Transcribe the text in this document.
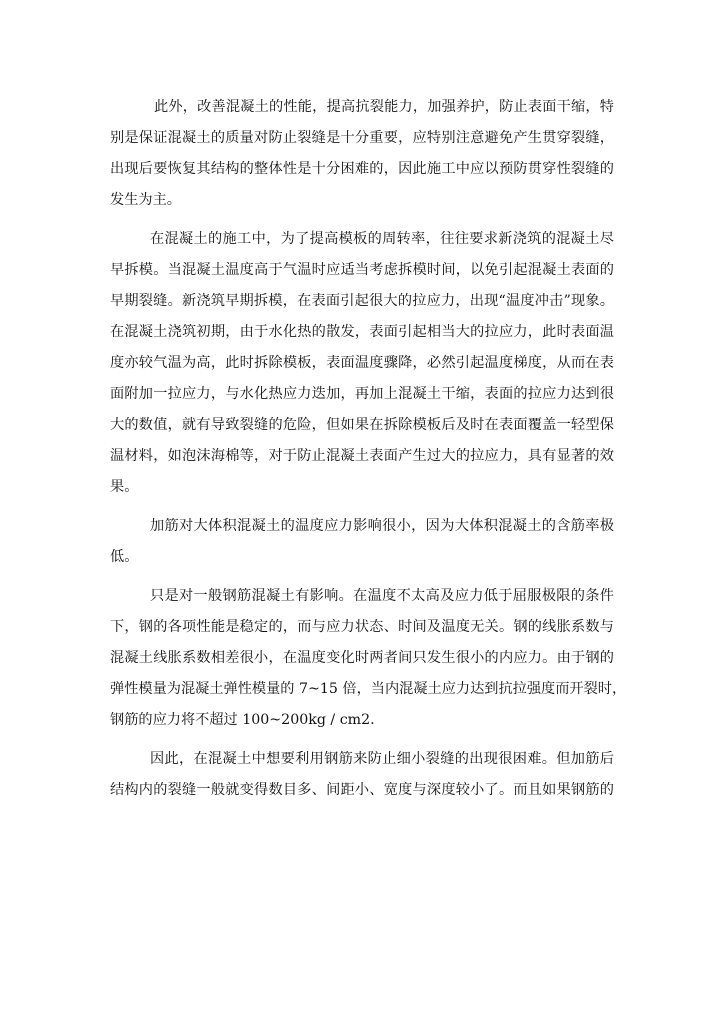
此外，改善混凝土的性能，提高抗裂能力，加强养护，防止表面干缩，特
别是保证混凝土的质量对防止裂缝是十分重要，应特别注意避免产生贯穿裂缝，
出现后要恢复其结构的整体性是十分困难的，因此施工中应以预防贯穿性裂缝的
发生为主。
在混凝土的施工中，为了提高模板的周转率，往往要求新浇筑的混凝土尽
早拆模。当混凝土温度高于气温时应适当考虑拆模时间，以免引起混凝土表面的
早期裂缝。新浇筑早期拆模，在表面引起很大的拉应力，出现“温度冲击”现象。
在混凝土浇筑初期，由于水化热的散发，表面引起相当大的拉应力，此时表面温
度亦较气温为高，此时拆除模板，表面温度骤降，必然引起温度梯度，从而在表
面附加一拉应力，与水化热应力迭加，再加上混凝土干缩，表面的拉应力达到很
大的数值，就有导致裂缝的危险，但如果在拆除模板后及时在表面覆盖一轻型保
温材料，如泡沫海棉等，对于防止混凝土表面产生过大的拉应力，具有显著的效
果。
加筋对大体积混凝土的温度应力影响很小，因为大体积混凝土的含筋率极
低。
只是对一般钢筋混凝土有影响。在温度不太高及应力低于屈服极限的条件
下，钢的各项性能是稳定的，而与应力状态、时间及温度无关。钢的线胀系数与
混凝土线胀系数相差很小，在温度变化时两者间只发生很小的内应力。由于钢的
弹性模量为混凝土弹性模量的 7~15 倍，当内混凝土应力达到抗拉强度而开裂时，
钢筋的应力将不超过 100~200kg / cm2.
因此，在混凝土中想要利用钢筋来防止细小裂缝的出现很困难。但加筋后
结构内的裂缝一般就变得数目多、间距小、宽度与深度较小了。而且如果钢筋的
